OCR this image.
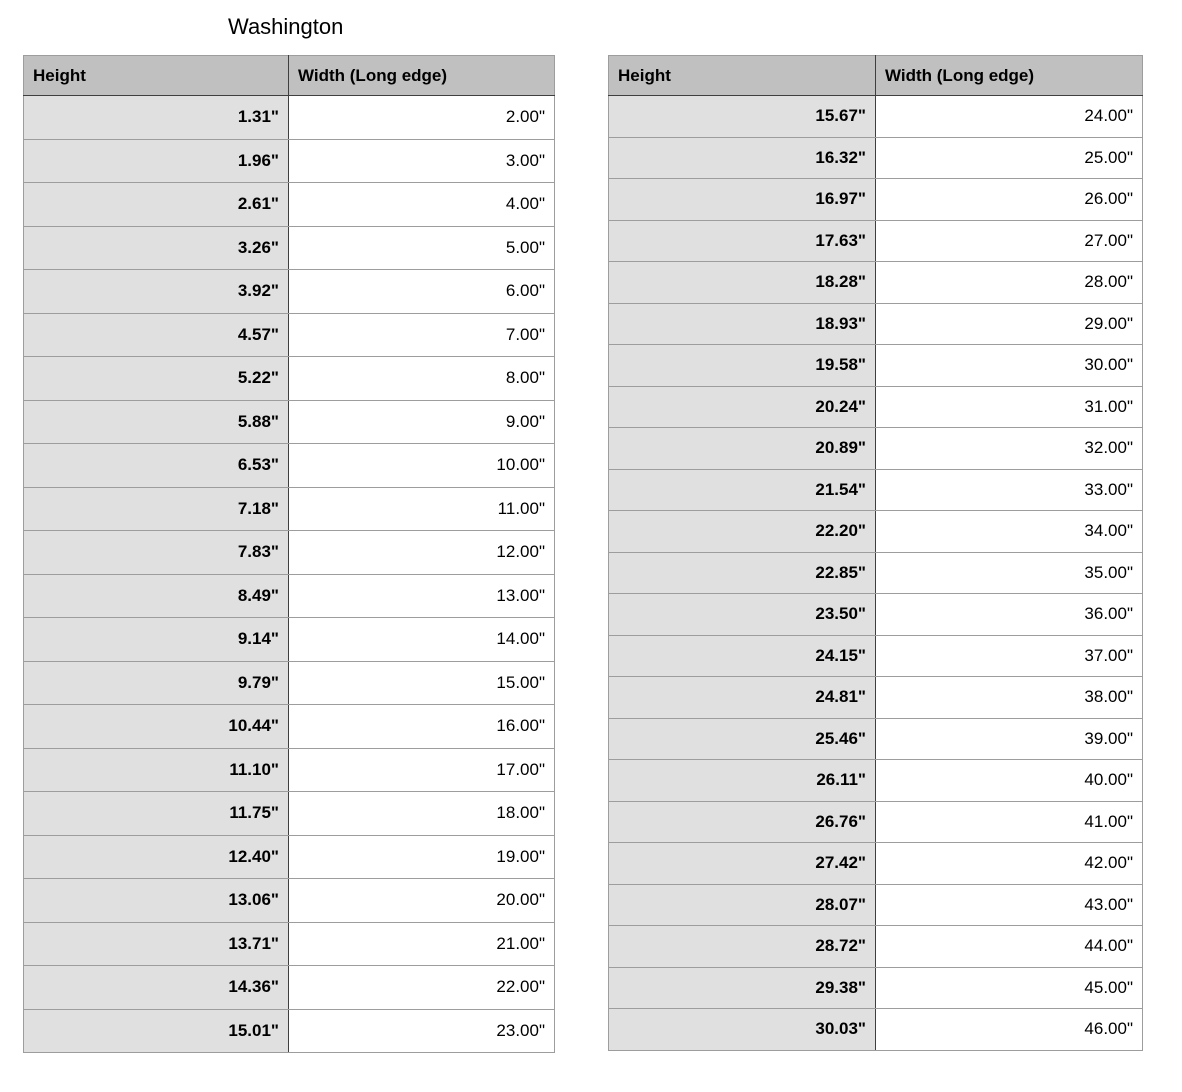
Washington
Height	Width (Long edge)
1.31"	2.00"
1.96"	3.00"
2.61"	4.00"
3.26"	5.00"
3.92"	6.00"
4.57"	7.00"
5.22"	8.00"
5.88"	9.00"
6.53"	10.00"
7.18"	11.00"
7.83"	12.00"
8.49"	13.00"
9.14"	14.00"
9.79"	15.00"
10.44"	16.00"
11.10"	17.00"
11.75"	18.00"
12.40"	19.00"
13.06"	20.00"
13.71"	21.00"
14.36"	22.00"
15.01"	23.00"
Height	Width (Long edge)
15.67"	24.00"
16.32"	25.00"
16.97"	26.00"
17.63"	27.00"
18.28"	28.00"
18.93"	29.00"
19.58"	30.00"
20.24"	31.00"
20.89"	32.00"
21.54"	33.00"
22.20"	34.00"
22.85"	35.00"
23.50"	36.00"
24.15"	37.00"
24.81"	38.00"
25.46"	39.00"
26.11"	40.00"
26.76"	41.00"
27.42"	42.00"
28.07"	43.00"
28.72"	44.00"
29.38"	45.00"
30.03"	46.00"
